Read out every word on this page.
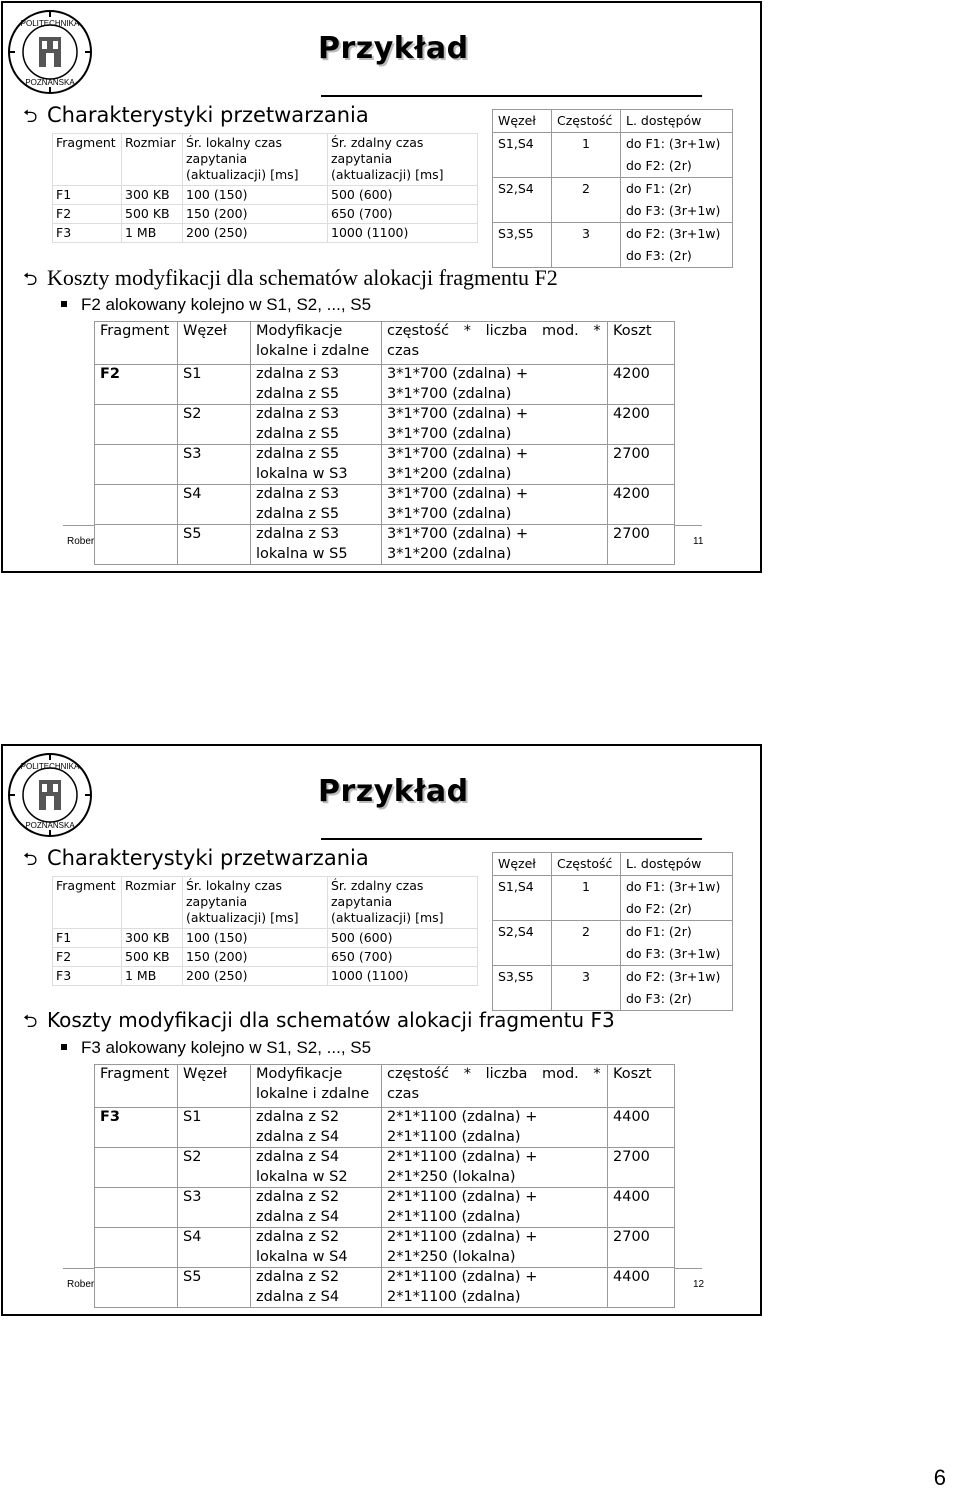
POLITECHNIKA
POZNAŃSKA
Przykład
⮌ Charakterystyki przetwarzania
Fragment	Rozmiar	Śr. lokalny czas zapytania (aktualizacji) [ms]	Śr. zdalny czas zapytania (aktualizacji) [ms]
F1	300 KB	100 (150)	500 (600)
F2	500 KB	150 (200)	650 (700)
F3	1 MB	200 (250)	1000 (1100)
Węzeł	Częstość	L. dostępów
S1,S4	1	do F1: (3r+1w)
		do F2: (2r)
S2,S4	2	do F1: (2r)
		do F3: (3r+1w)
S3,S5	3	do F2: (3r+1w)
		do F3: (2r)
⮌ Koszty modyfikacji dla schematów alokacji fragmentu F2
F2 alokowany kolejno w S1, S2, ..., S5
Rober	11
Fragment	Węzeł	Modyfikacje lokalne i zdalne	częstość * liczba mod. * czas	Koszt
F2	S1	zdalna z S3	3*1*700 (zdalna) +	4200
		zdalna z S5	3*1*700 (zdalna)	
	S2	zdalna z S3	3*1*700 (zdalna) +	4200
		zdalna z S5	3*1*700 (zdalna)	
	S3	zdalna z S5	3*1*700 (zdalna) +	2700
		lokalna w S3	3*1*200 (zdalna)	
	S4	zdalna z S3	3*1*700 (zdalna) +	4200
		zdalna z S5	3*1*700 (zdalna)	
	S5	zdalna z S3	3*1*700 (zdalna) +	2700
		lokalna w S5	3*1*200 (zdalna)	
POLITECHNIKA
POZNAŃSKA
Przykład
⮌ Charakterystyki przetwarzania
Fragment	Rozmiar	Śr. lokalny czas zapytania (aktualizacji) [ms]	Śr. zdalny czas zapytania (aktualizacji) [ms]
F1	300 KB	100 (150)	500 (600)
F2	500 KB	150 (200)	650 (700)
F3	1 MB	200 (250)	1000 (1100)
Węzeł	Częstość	L. dostępów
S1,S4	1	do F1: (3r+1w)
		do F2: (2r)
S2,S4	2	do F1: (2r)
		do F3: (3r+1w)
S3,S5	3	do F2: (3r+1w)
		do F3: (2r)
⮌ Koszty modyfikacji dla schematów alokacji fragmentu F3
F3 alokowany kolejno w S1, S2, ..., S5
Rober	12
Fragment	Węzeł	Modyfikacje lokalne i zdalne	częstość * liczba mod. * czas	Koszt
F3	S1	zdalna z S2	2*1*1100 (zdalna) +	4400
		zdalna z S4	2*1*1100 (zdalna)	
	S2	zdalna z S4	2*1*1100 (zdalna) +	2700
		lokalna w S2	2*1*250 (lokalna)	
	S3	zdalna z S2	2*1*1100 (zdalna) +	4400
		zdalna z S4	2*1*1100 (zdalna)	
	S4	zdalna z S2	2*1*1100 (zdalna) +	2700
		lokalna w S4	2*1*250 (lokalna)	
	S5	zdalna z S2	2*1*1100 (zdalna) +	4400
		zdalna z S4	2*1*1100 (zdalna)	
6
